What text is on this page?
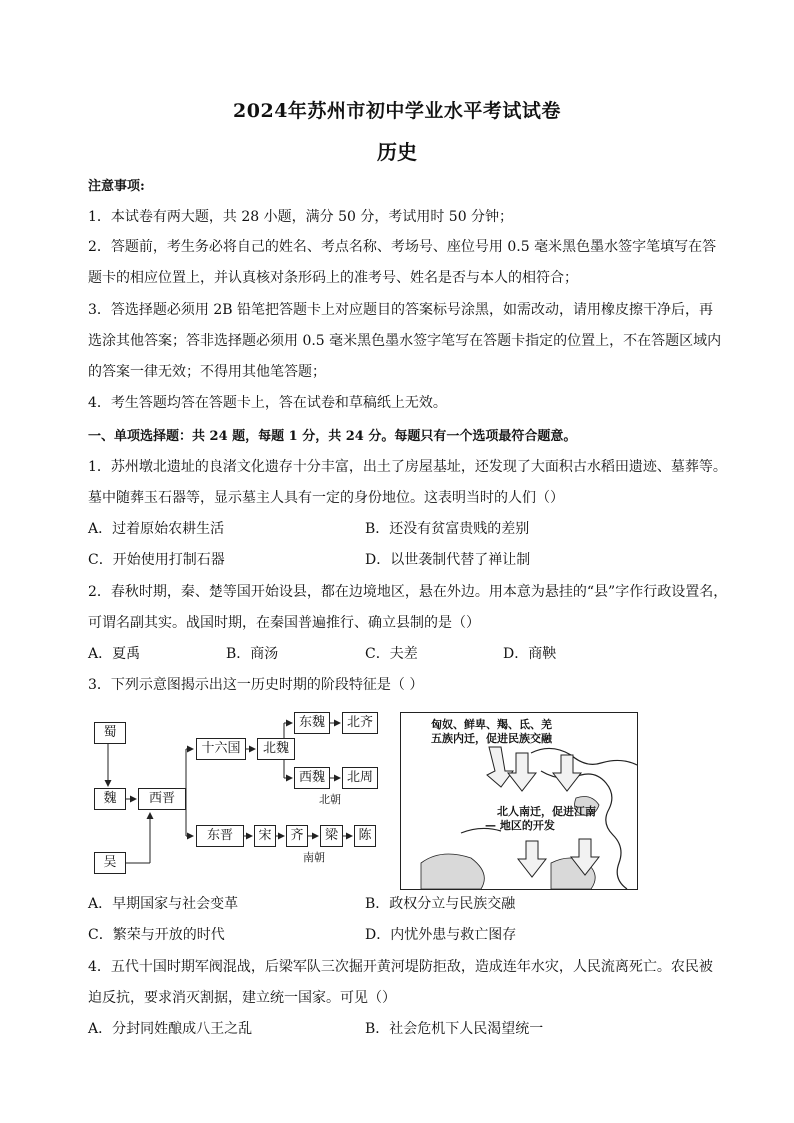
2024年苏州市初中学业水平考试试卷
历史
注意事项:
1．本试卷有两大题，共 28 小题，满分 50 分，考试用时 50 分钟；
2．答题前，考生务必将自己的姓名、考点名称、考场号、座位号用 0.5 毫米黑色墨水签字笔填写在答
题卡的相应位置上，并认真核对条形码上的准考号、姓名是否与本人的相符合；
3．答选择题必须用 2B 铅笔把答题卡上对应题目的答案标号涂黑，如需改动，请用橡皮擦干净后，再
选涂其他答案；答非选择题必须用 0.5 毫米黑色墨水签字笔写在答题卡指定的位置上，不在答题区域内
的答案一律无效；不得用其他笔答题；
4．考生答题均答在答题卡上，答在试卷和草稿纸上无效。
一、单项选择题：共 24 题，每题 1 分，共 24 分。每题只有一个选项最符合题意。
1．苏州墩北遗址的良渚文化遗存十分丰富，出土了房屋基址，还发现了大面积古水稻田遗迹、墓葬等。
墓中随葬玉石器等，显示墓主人具有一定的身份地位。这表明当时的人们（）
A．过着原始农耕生活	B．还没有贫富贵贱的差别
C．开始使用打制石器	D．以世袭制代替了禅让制
2．春秋时期，秦、楚等国开始设县，都在边境地区，悬在外边。用本意为悬挂的“县”字作行政设置名，
可谓名副其实。战国时期，在秦国普遍推行、确立县制的是（）
A．夏禹	B．商汤	C．夫差	D．商鞅
3．下列示意图揭示出这一历史时期的阶段特征是（ ）
蜀
魏
吴
西晋
十六国	北魏
东魏	北齐
西魏	北周
北朝
东晋	宋	齐	梁	陈
南朝
匈奴、鲜卑、羯、氐、羌
五族内迁，促进民族交融
北人南迁，促进江南
— 地区的开发
A．早期国家与社会变革	B．政权分立与民族交融
C．繁荣与开放的时代	D．内忧外患与救亡图存
4．五代十国时期军阀混战，后梁军队三次掘开黄河堤防拒敌，造成连年水灾，人民流离死亡。农民被
迫反抗，要求消灭割据，建立统一国家。可见（）
A．分封同姓酿成八王之乱	B．社会危机下人民渴望统一
